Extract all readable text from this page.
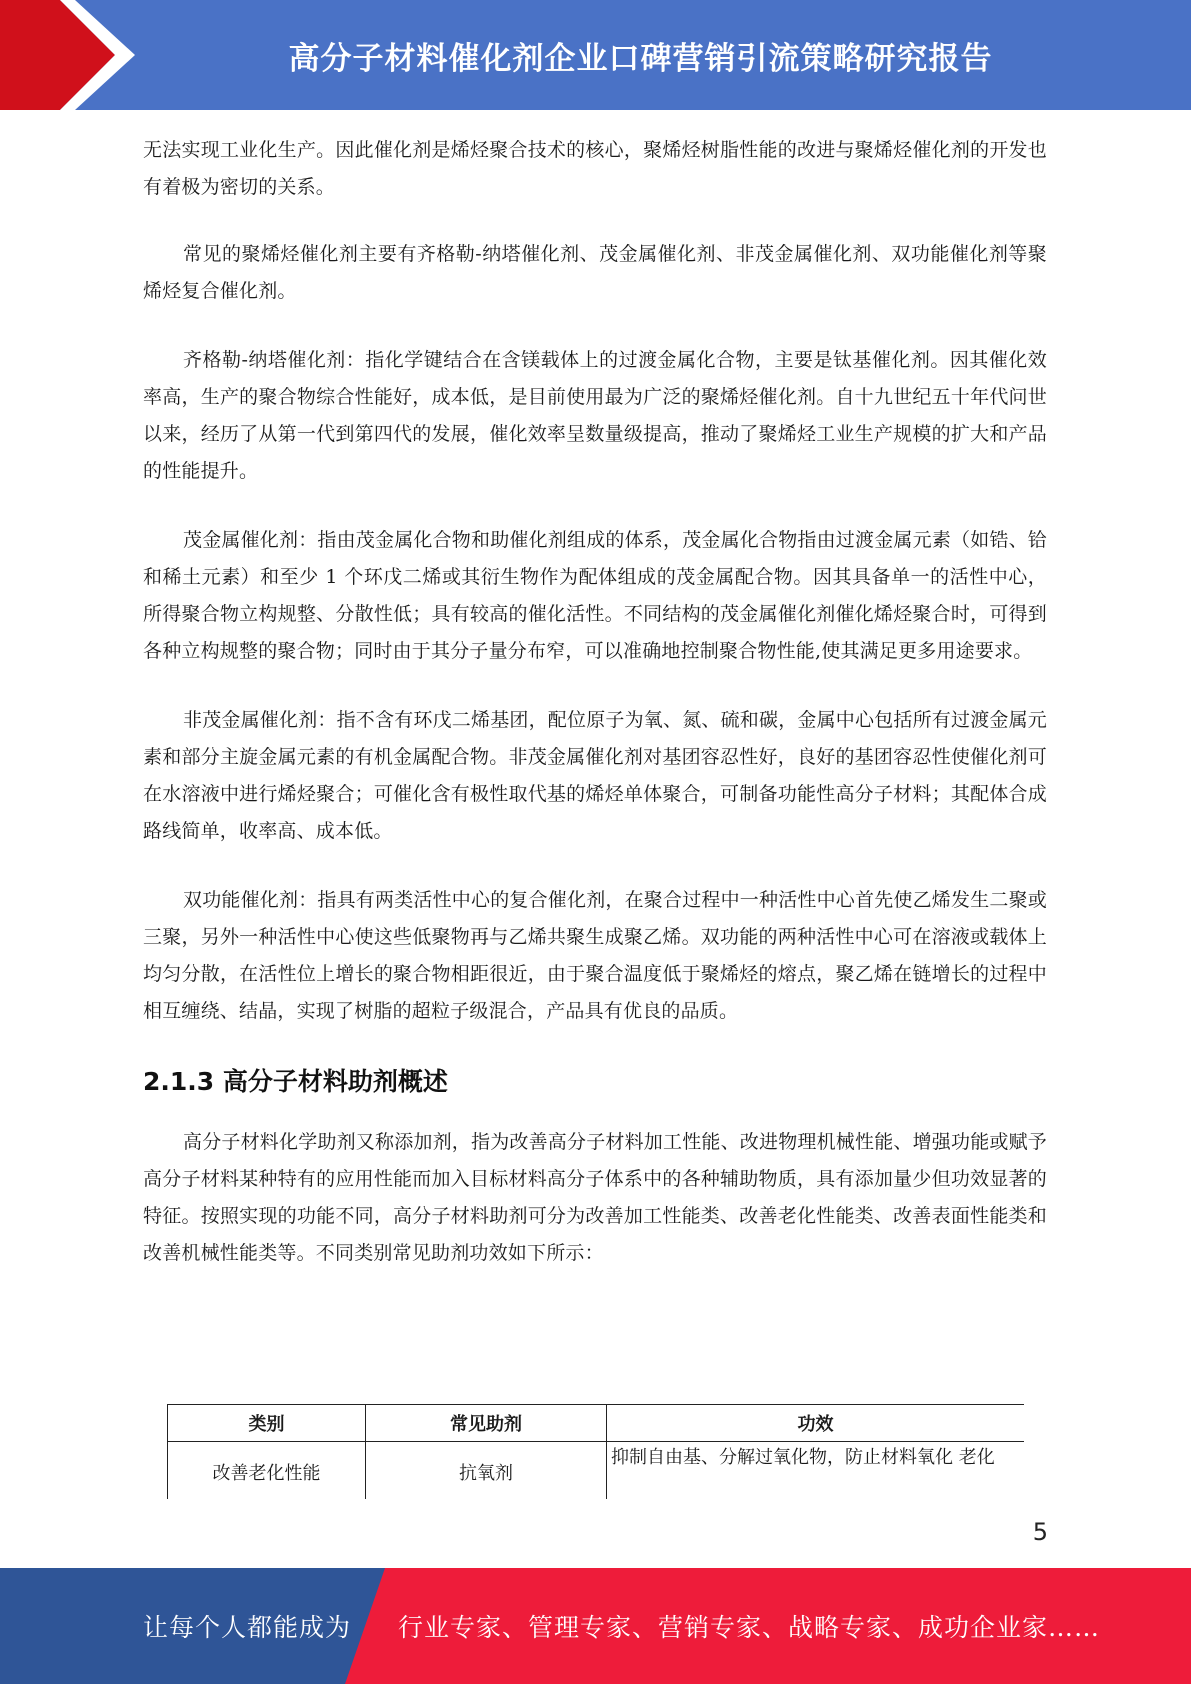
高分子材料催化剂企业口碑营销引流策略研究报告

无法实现工业化生产。因此催化剂是烯烃聚合技术的核心，聚烯烃树脂性能的改进与聚烯烃催化剂的开发也有着极为密切的关系。

常见的聚烯烃催化剂主要有齐格勒-纳塔催化剂、茂金属催化剂、非茂金属催化剂、双功能催化剂等聚烯烃复合催化剂。

齐格勒-纳塔催化剂：指化学键结合在含镁载体上的过渡金属化合物，主要是钛基催化剂。因其催化效率高，生产的聚合物综合性能好，成本低，是目前使用最为广泛的聚烯烃催化剂。自十九世纪五十年代问世以来，经历了从第一代到第四代的发展，催化效率呈数量级提高，推动了聚烯烃工业生产规模的扩大和产品的性能提升。

茂金属催化剂：指由茂金属化合物和助催化剂组成的体系，茂金属化合物指由过渡金属元素（如锆、铪和稀土元素）和至少 1 个环戊二烯或其衍生物作为配体组成的茂金属配合物。因其具备单一的活性中心，所得聚合物立构规整、分散性低；具有较高的催化活性。不同结构的茂金属催化剂催化烯烃聚合时，可得到各种立构规整的聚合物；同时由于其分子量分布窄，可以准确地控制聚合物性能,使其满足更多用途要求。

非茂金属催化剂：指不含有环戊二烯基团，配位原子为氧、氮、硫和碳，金属中心包括所有过渡金属元素和部分主旋金属元素的有机金属配合物。非茂金属催化剂对基团容忍性好，良好的基团容忍性使催化剂可在水溶液中进行烯烃聚合；可催化含有极性取代基的烯烃单体聚合，可制备功能性高分子材料；其配体合成路线简单，收率高、成本低。

双功能催化剂：指具有两类活性中心的复合催化剂，在聚合过程中一种活性中心首先使乙烯发生二聚或三聚，另外一种活性中心使这些低聚物再与乙烯共聚生成聚乙烯。双功能的两种活性中心可在溶液或载体上均匀分散，在活性位上增长的聚合物相距很近，由于聚合温度低于聚烯烃的熔点，聚乙烯在链增长的过程中相互缠绕、结晶，实现了树脂的超粒子级混合，产品具有优良的品质。

2.1.3 高分子材料助剂概述

高分子材料化学助剂又称添加剂，指为改善高分子材料加工性能、改进物理机械性能、增强功能或赋予高分子材料某种特有的应用性能而加入目标材料高分子体系中的各种辅助物质，具有添加量少但功效显著的特征。按照实现的功能不同，高分子材料助剂可分为改善加工性能类、改善老化性能类、改善表面性能类和改善机械性能类等。不同类别常见助剂功效如下所示：

类别	常见助剂	功效
改善老化性能	抗氧剂	抑制自由基、分解过氧化物，防止材料氧化 老化
5
让每个人都能成为 行业专家、管理专家、营销专家、战略专家、成功企业家……
